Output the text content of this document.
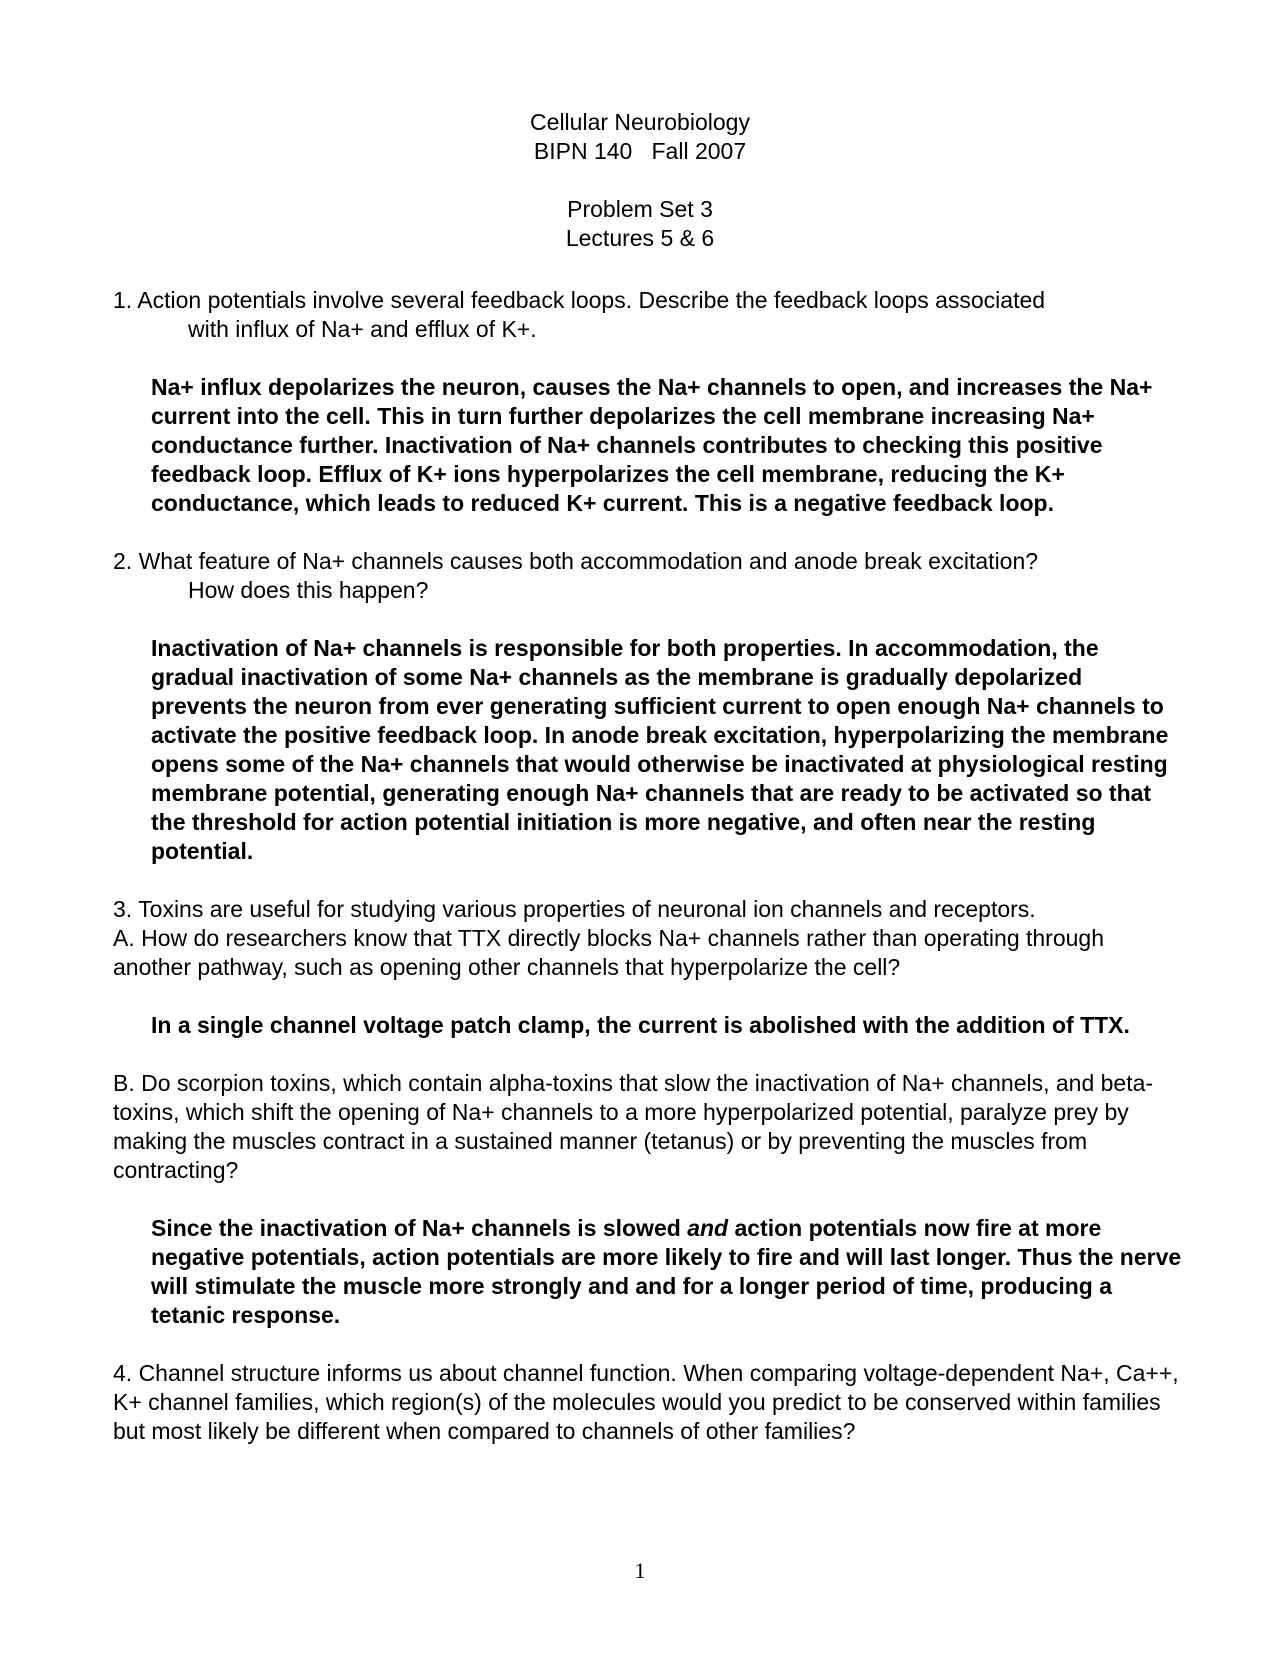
Cellular Neurobiology
BIPN 140   Fall 2007
Problem Set 3
Lectures 5 & 6

1. Action potentials involve several feedback loops. Describe the feedback loops associated
with influx of Na+ and efflux of K+.

Na+ influx depolarizes the neuron, causes the Na+ channels to open, and increases the Na+ current into the cell. This in turn further depolarizes the cell membrane increasing Na+ conductance further. Inactivation of Na+ channels contributes to checking this positive feedback loop. Efflux of K+ ions hyperpolarizes the cell membrane, reducing the K+ conductance, which leads to reduced K+ current. This is a negative feedback loop.

2. What feature of Na+ channels causes both accommodation and anode break excitation?
How does this happen?

Inactivation of Na+ channels is responsible for both properties. In accommodation, the gradual inactivation of some Na+ channels as the membrane is gradually depolarized prevents the neuron from ever generating sufficient current to open enough Na+ channels to activate the positive feedback loop. In anode break excitation, hyperpolarizing the membrane opens some of the Na+ channels that would otherwise be inactivated at physiological resting membrane potential, generating enough Na+ channels that are ready to be activated so that the threshold for action potential initiation is more negative, and often near the resting potential.

3. Toxins are useful for studying various properties of neuronal ion channels and receptors.

A. How do researchers know that TTX directly blocks Na+ channels rather than operating through another pathway, such as opening other channels that hyperpolarize the cell?

In a single channel voltage patch clamp, the current is abolished with the addition of TTX.

B. Do scorpion toxins, which contain alpha-toxins that slow the inactivation of Na+ channels, and beta-toxins, which shift the opening of Na+ channels to a more hyperpolarized potential, paralyze prey by making the muscles contract in a sustained manner (tetanus) or by preventing the muscles from contracting?

Since the inactivation of Na+ channels is slowed and action potentials now fire at more negative potentials, action potentials are more likely to fire and will last longer. Thus the nerve will stimulate the muscle more strongly and and for a longer period of time, producing a tetanic response.

4. Channel structure informs us about channel function. When comparing voltage-dependent Na+, Ca++, K+ channel families, which region(s) of the molecules would you predict to be conserved within families but most likely be different when compared to channels of other families?

1
